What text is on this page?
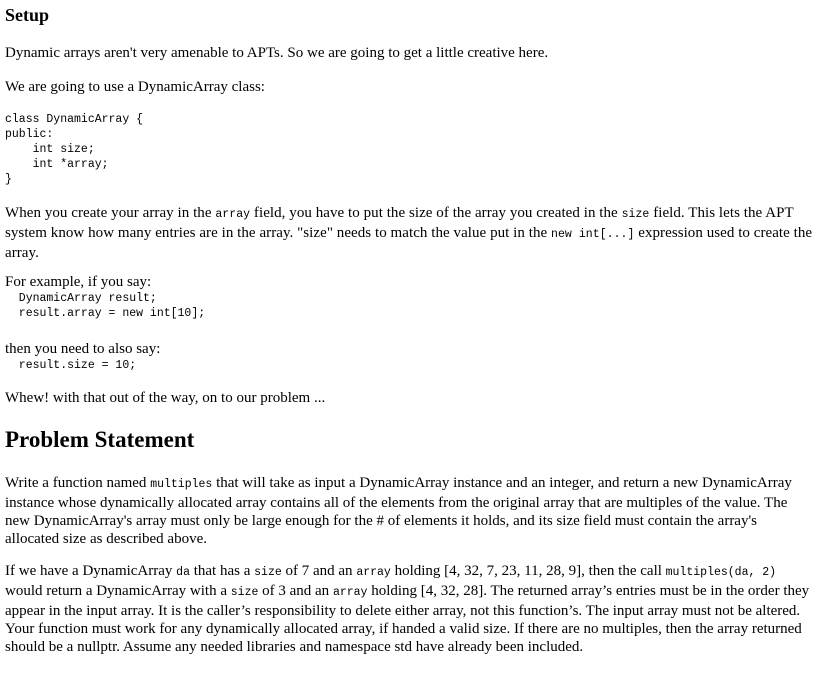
Setup

Dynamic arrays aren't very amenable to APTs. So we are going to get a little creative here.

We are going to use a DynamicArray class:

class DynamicArray {
public:
int size;
int *array;
}

When you create your array in the array field, you have to put the size of the array you created in the size field. This lets the APT system know how many entries are in the array. "size" needs to match the value put in the new int[...] expression used to create the array.

For example, if you say:

DynamicArray result;
result.array = new int[10];

then you need to also say:

result.size = 10;

Whew! with that out of the way, on to our problem ...

Problem Statement

Write a function named multiples that will take as input a DynamicArray instance and an integer, and return a new DynamicArray instance whose dynamically allocated array contains all of the elements from the original array that are multiples of the value. The new DynamicArray's array must only be large enough for the # of elements it holds, and its size field must contain the array's allocated size as described above.

If we have a DynamicArray da that has a size of 7 and an array holding [4, 32, 7, 23, 11, 28, 9], then the call multiples(da, 2) would return a DynamicArray with a size of 3 and an array holding [4, 32, 28]. The returned array’s entries must be in the order they appear in the input array. It is the caller’s responsibility to delete either array, not this function’s. The input array must not be altered. Your function must work for any dynamically allocated array, if handed a valid size. If there are no multiples, then the array returned should be a nullptr. Assume any needed libraries and namespace std have already been included.
